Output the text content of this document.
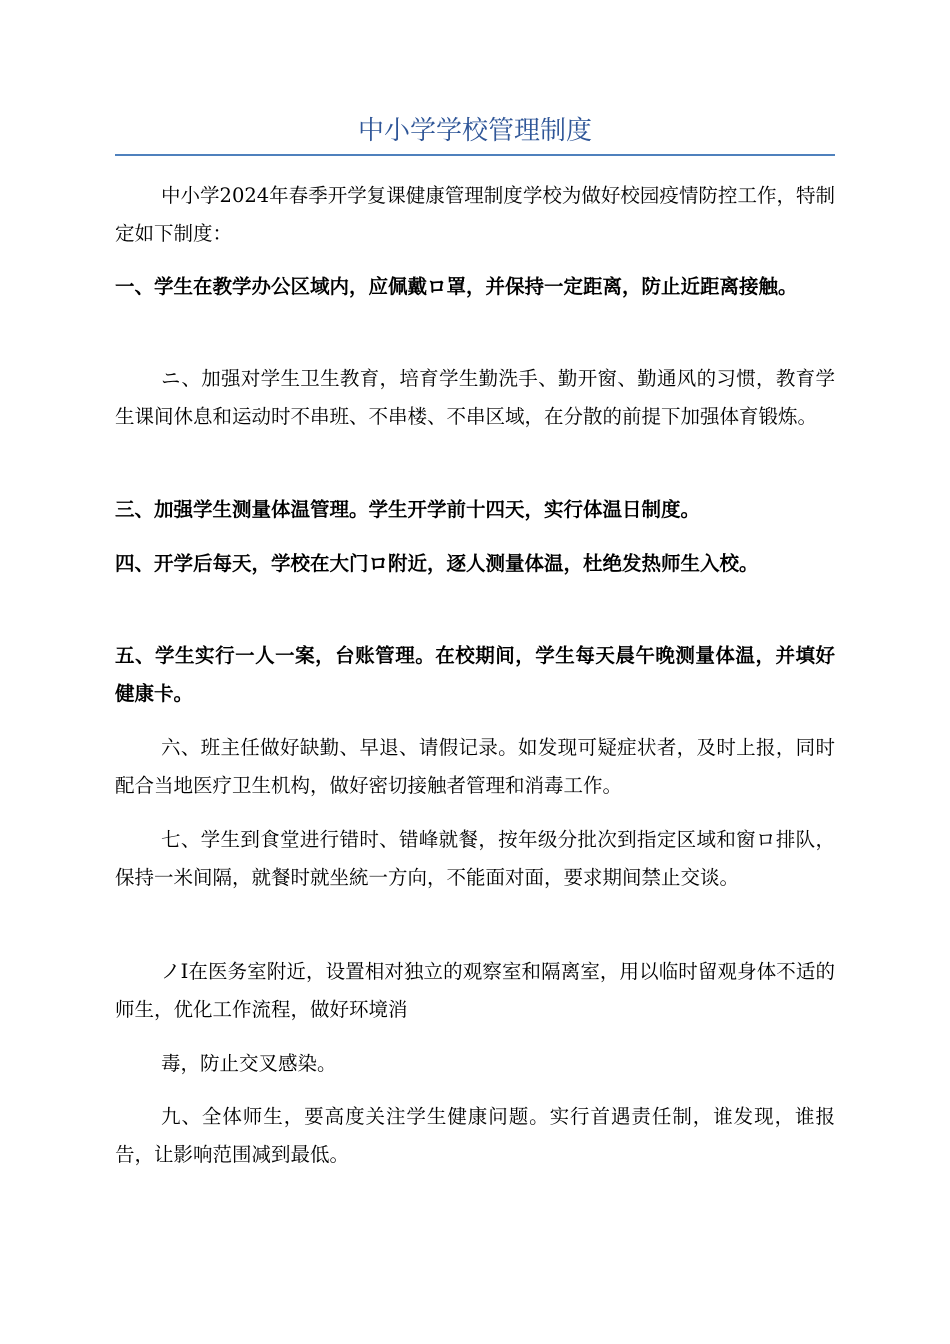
中小学学校管理制度

中小学2024年春季开学复课健康管理制度学校为做好校园疫情防控工作，特制定如下制度：

一、学生在教学办公区域内，应佩戴ロ罩，并保持一定距离，防止近距离接触。

ニ、加强对学生卫生教育，培育学生勤洗手、勤开窗、勤通风的习惯，教育学生课间休息和运动时不串班、不串楼、不串区域，在分散的前提下加强体育锻炼。

三、加强学生测量体温管理。学生开学前十四天，实行体温日制度。

四、开学后每天，学校在大门ロ附近，逐人测量体温，杜绝发热师生入校。

五、学生实行一人一案，台账管理。在校期间，学生每天晨午晚测量体温，并填好健康卡。

六、班主任做好缺勤、早退、请假记录。如发现可疑症状者，及时上报，同时配合当地医疗卫生机构，做好密切接触者管理和消毒工作。

七、学生到食堂进行错时、错峰就餐，按年级分批次到指定区域和窗ロ排队，保持一米间隔，就餐时就坐統一方向，不能面对面，要求期间禁止交谈。

ノI在医务室附近，设置相对独立的观察室和隔离室，用以临时留观身体不适的师生，优化工作流程，做好环境消

毒，防止交叉感染。

九、全体师生，要高度关注学生健康问题。实行首遇责任制，谁发现，谁报告，让影响范围减到最低。
